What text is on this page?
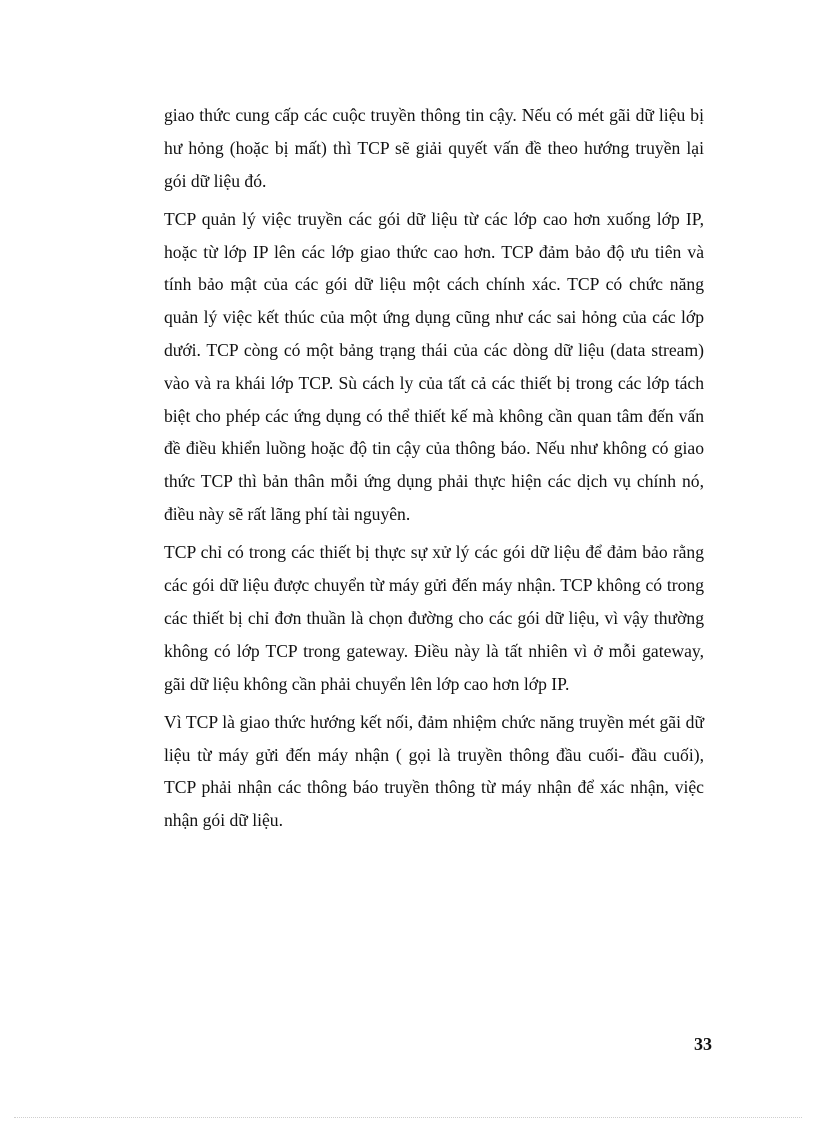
giao thức cung cấp các cuộc truyền thông tin cậy. Nếu có mét gãi dữ liệu bị hư hỏng (hoặc bị mất) thì TCP sẽ giải quyết vấn đề theo hướng truyền lại gói dữ liệu đó.

TCP quản lý việc truyền các gói dữ liệu từ các lớp cao hơn xuống lớp IP, hoặc từ lớp IP lên các lớp giao thức cao hơn. TCP đảm bảo độ ưu tiên và tính bảo mật của các gói dữ liệu một cách chính xác. TCP có chức năng quản lý việc kết thúc của một ứng dụng cũng như các sai hỏng của các lớp dưới. TCP còng có một bảng trạng thái của các dòng dữ liệu (data stream) vào và ra khái lớp TCP. Sù cách ly của tất cả các thiết bị trong các lớp tách biệt cho phép các ứng dụng có thể thiết kế mà không cần quan tâm đến vấn đề điều khiển luồng hoặc độ tin cậy của thông báo. Nếu như không có giao thức TCP thì bản thân mỗi ứng dụng phải thực hiện các dịch vụ chính nó, điều này sẽ rất lãng phí tài nguyên.

TCP chỉ có trong các thiết bị thực sự xử lý các gói dữ liệu để đảm bảo rằng các gói dữ liệu được chuyển từ máy gửi đến máy nhận. TCP không có trong các thiết bị chỉ đơn thuần là chọn đường cho các gói dữ liệu, vì vậy thường không có lớp TCP trong gateway. Điều này là tất nhiên vì ở mỗi gateway, gãi dữ liệu không cần phải chuyển lên lớp cao hơn lớp IP.

Vì TCP là giao thức hướng kết nối, đảm nhiệm chức năng truyền mét gãi dữ liệu từ máy gửi đến máy nhận ( gọi là truyền thông đầu cuối- đầu cuối), TCP phải nhận các thông báo truyền thông từ máy nhận để xác nhận, việc nhận gói dữ liệu.

33
